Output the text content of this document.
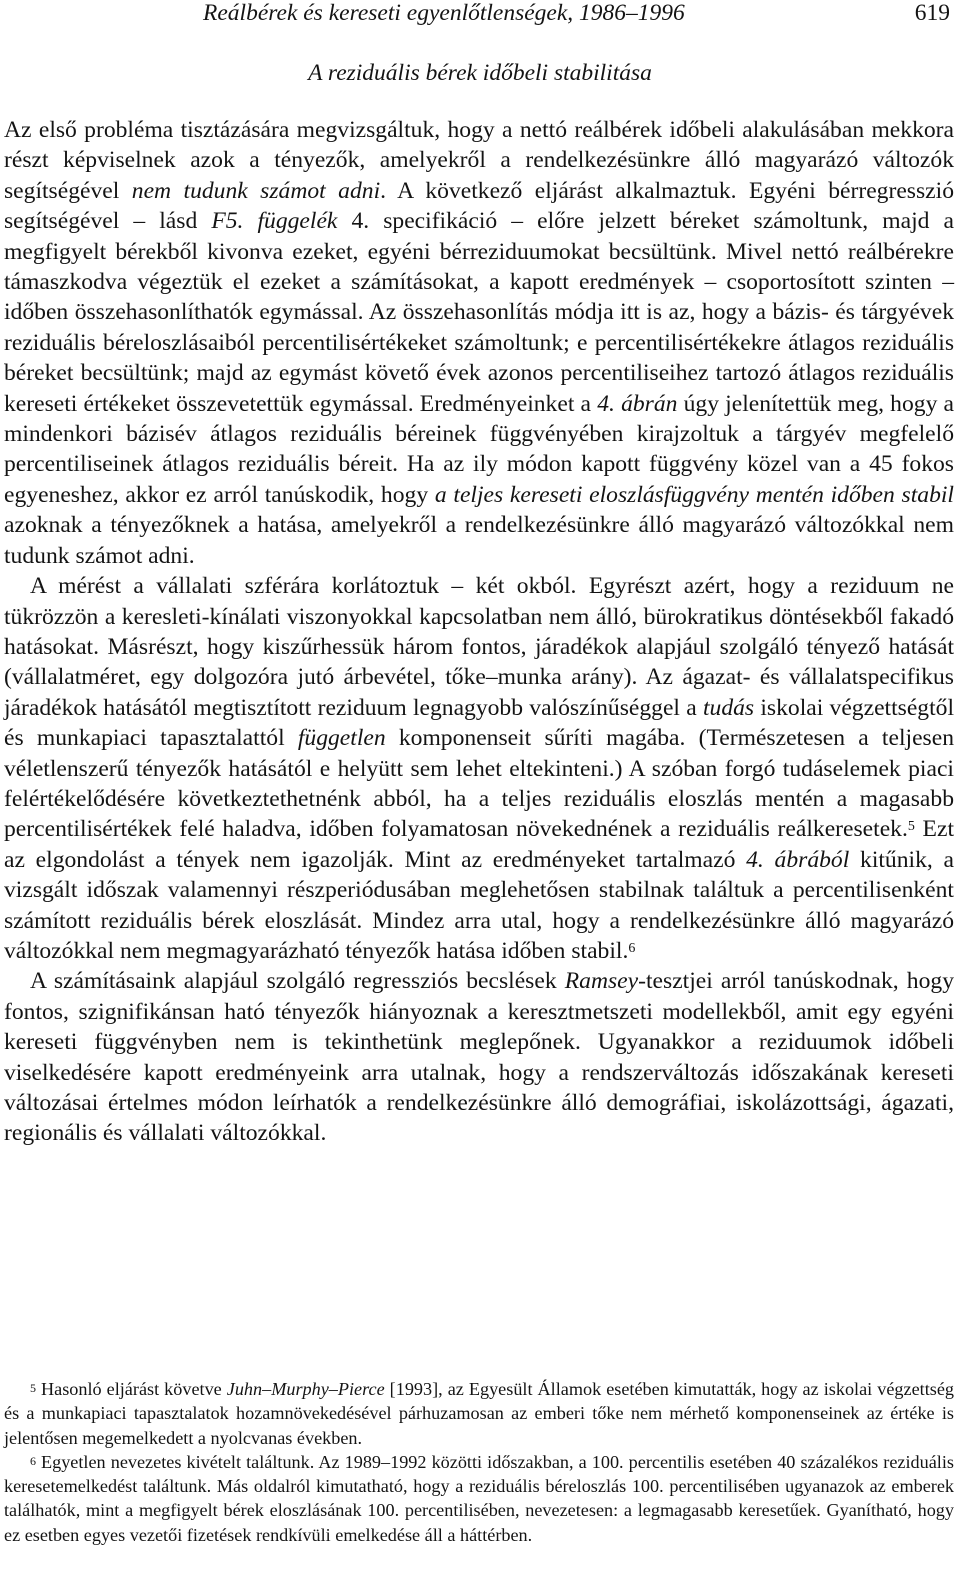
Reálbérek és kereseti egyenlőtlenségek, 1986–1996	619
A reziduális bérek időbeli stabilitása

Az első probléma tisztázására megvizsgáltuk, hogy a nettó reálbérek időbeli alakulásában mekkora részt képviselnek azok a tényezők, amelyekről a rendelkezésünkre álló magyarázó változók segítségével nem tudunk számot adni. A következő eljárást alkalmaztuk. Egyéni bérregresszió segítségével – lásd F5. függelék 4. specifikáció – előre jelzett béreket számoltunk, majd a megfigyelt bérekből kivonva ezeket, egyéni bérreziduumokat becsültünk. Mivel nettó reálbérekre támaszkodva végeztük el ezeket a számításokat, a kapott eredmények – csoportosított szinten – időben összehasonlíthatók egymással. Az összehasonlítás módja itt is az, hogy a bázis- és tárgyévek reziduális béreloszlásaiból percentilisértékeket számoltunk; e percentilisértékekre átlagos reziduális béreket becsültünk; majd az egymást követő évek azonos percentiliseihez tartozó átlagos reziduális kereseti értékeket összevetettük egymással. Eredményeinket a 4. ábrán úgy jelenítettük meg, hogy a mindenkori bázisév átlagos reziduális béreinek függvényében kirajzoltuk a tárgyév megfelelő percentiliseinek átlagos reziduális béreit. Ha az ily módon kapott függvény közel van a 45 fokos egyeneshez, akkor ez arról tanúskodik, hogy a teljes kereseti eloszlásfüggvény mentén időben stabil azoknak a tényezőknek a hatása, amelyekről a rendelkezésünkre álló magyarázó változókkal nem tudunk számot adni.

A mérést a vállalati szférára korlátoztuk – két okból. Egyrészt azért, hogy a reziduum ne tükrözzön a keresleti-kínálati viszonyokkal kapcsolatban nem álló, bürokratikus döntésekből fakadó hatásokat. Másrészt, hogy kiszűrhessük három fontos, járadékok alapjául szolgáló tényező hatását (vállalatméret, egy dolgozóra jutó árbevétel, tőke–munka arány). Az ágazat- és vállalatspecifikus járadékok hatásától megtisztított reziduum legnagyobb valószínűséggel a tudás iskolai végzettségtől és munkapiaci tapasztalattól független komponenseit sűríti magába. (Természetesen a teljesen véletlenszerű tényezők hatásától e helyütt sem lehet eltekinteni.) A szóban forgó tudáselemek piaci felértékelődésére következtethetnénk abból, ha a teljes reziduális eloszlás mentén a magasabb percentilisértékek felé haladva, időben folyamatosan növekednének a reziduális reálkeresetek.$^5$ Ezt az elgondolást a tények nem igazolják. Mint az eredményeket tartalmazó 4. ábrából kitűnik, a vizsgált időszak valamennyi részperiódusában meglehetősen stabilnak találtuk a percentilisenként számított reziduális bérek eloszlását. Mindez arra utal, hogy a rendelkezésünkre álló magyarázó változókkal nem megmagyarázható tényezők hatása időben stabil.$^6$

A számításaink alapjául szolgáló regressziós becslések Ramsey-tesztjei arról tanúskodnak, hogy fontos, szignifikánsan ható tényezők hiányoznak a keresztmetszeti modellekből, amit egy egyéni kereseti függvényben nem is tekinthetünk meglepőnek. Ugyanakkor a reziduumok időbeli viselkedésére kapott eredményeink arra utalnak, hogy a rendszerváltozás időszakának kereseti változásai értelmes módon leírhatók a rendelkezésünkre álló demográfiai, iskolázottsági, ágazati, regionális és vállalati változókkal.

$^5$ Hasonló eljárást követve Juhn–Murphy–Pierce [1993], az Egyesült Államok esetében kimutatták, hogy az iskolai végzettség és a munkapiaci tapasztalatok hozamnövekedésével párhuzamosan az emberi tőke nem mérhető komponenseinek az értéke is jelentősen megemelkedett a nyolcvanas években.

$^6$ Egyetlen nevezetes kivételt találtunk. Az 1989–1992 közötti időszakban, a 100. percentilis esetében 40 százalékos reziduális keresetemelkedést találtunk. Más oldalról kimutatható, hogy a reziduális béreloszlás 100. percentilisében ugyanazok az emberek találhatók, mint a megfigyelt bérek eloszlásának 100. percentilisében, nevezetesen: a legmagasabb keresetűek. Gyanítható, hogy ez esetben egyes vezetői fizetések rendkívüli emelkedése áll a háttérben.
